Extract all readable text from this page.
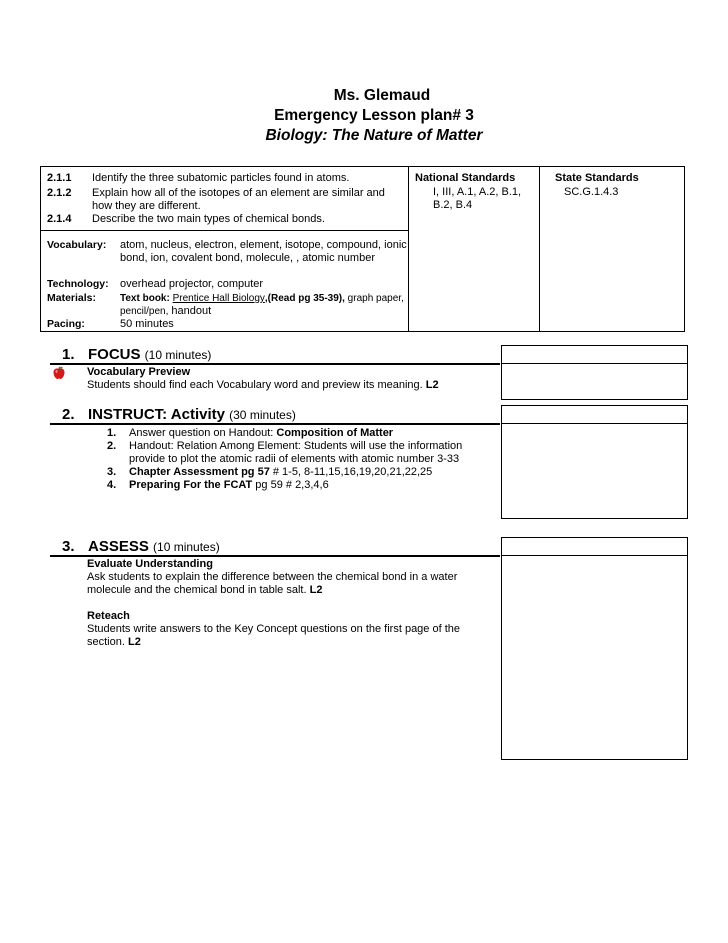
Ms. Glemaud
Emergency Lesson plan# 3
Biology: The Nature of Matter
2.1.1 Identify the three subatomic particles found in atoms.
2.1.2 Explain how all of the isotopes of an element are similar and how they are different.
2.1.4 Describe the two main types of chemical bonds.
Vocabulary: atom, nucleus, electron, element, isotope, compound, ionic bond, ion, covalent bond, molecule, , atomic number
Technology: overhead projector, computer
Materials: Text book: Prentice Hall Biology,(Read pg 35-39), graph paper, pencil/pen, handout
Pacing:	50 minutes
National Standards
I, III, A.1, A.2, B.1, B.2, B.4
State Standards
SC.G.1.4.3
1. FOCUS (10 minutes)
Vocabulary Preview
Students should find each Vocabulary word and preview its meaning. L2
2. INSTRUCT: Activity (30 minutes)
1. Answer question on Handout: Composition of Matter
2. Handout: Relation Among Element: Students will use the information provide to plot the atomic radii of elements with atomic number 3-33
3. Chapter Assessment pg 57 # 1-5, 8-11,15,16,19,20,21,22,25
4. Preparing For the FCAT pg 59 # 2,3,4,6
3. ASSESS (10 minutes)
Evaluate Understanding
Ask students to explain the difference between the chemical bond in a water molecule and the chemical bond in table salt. L2
Reteach
Students write answers to the Key Concept questions on the first page of the section. L2
